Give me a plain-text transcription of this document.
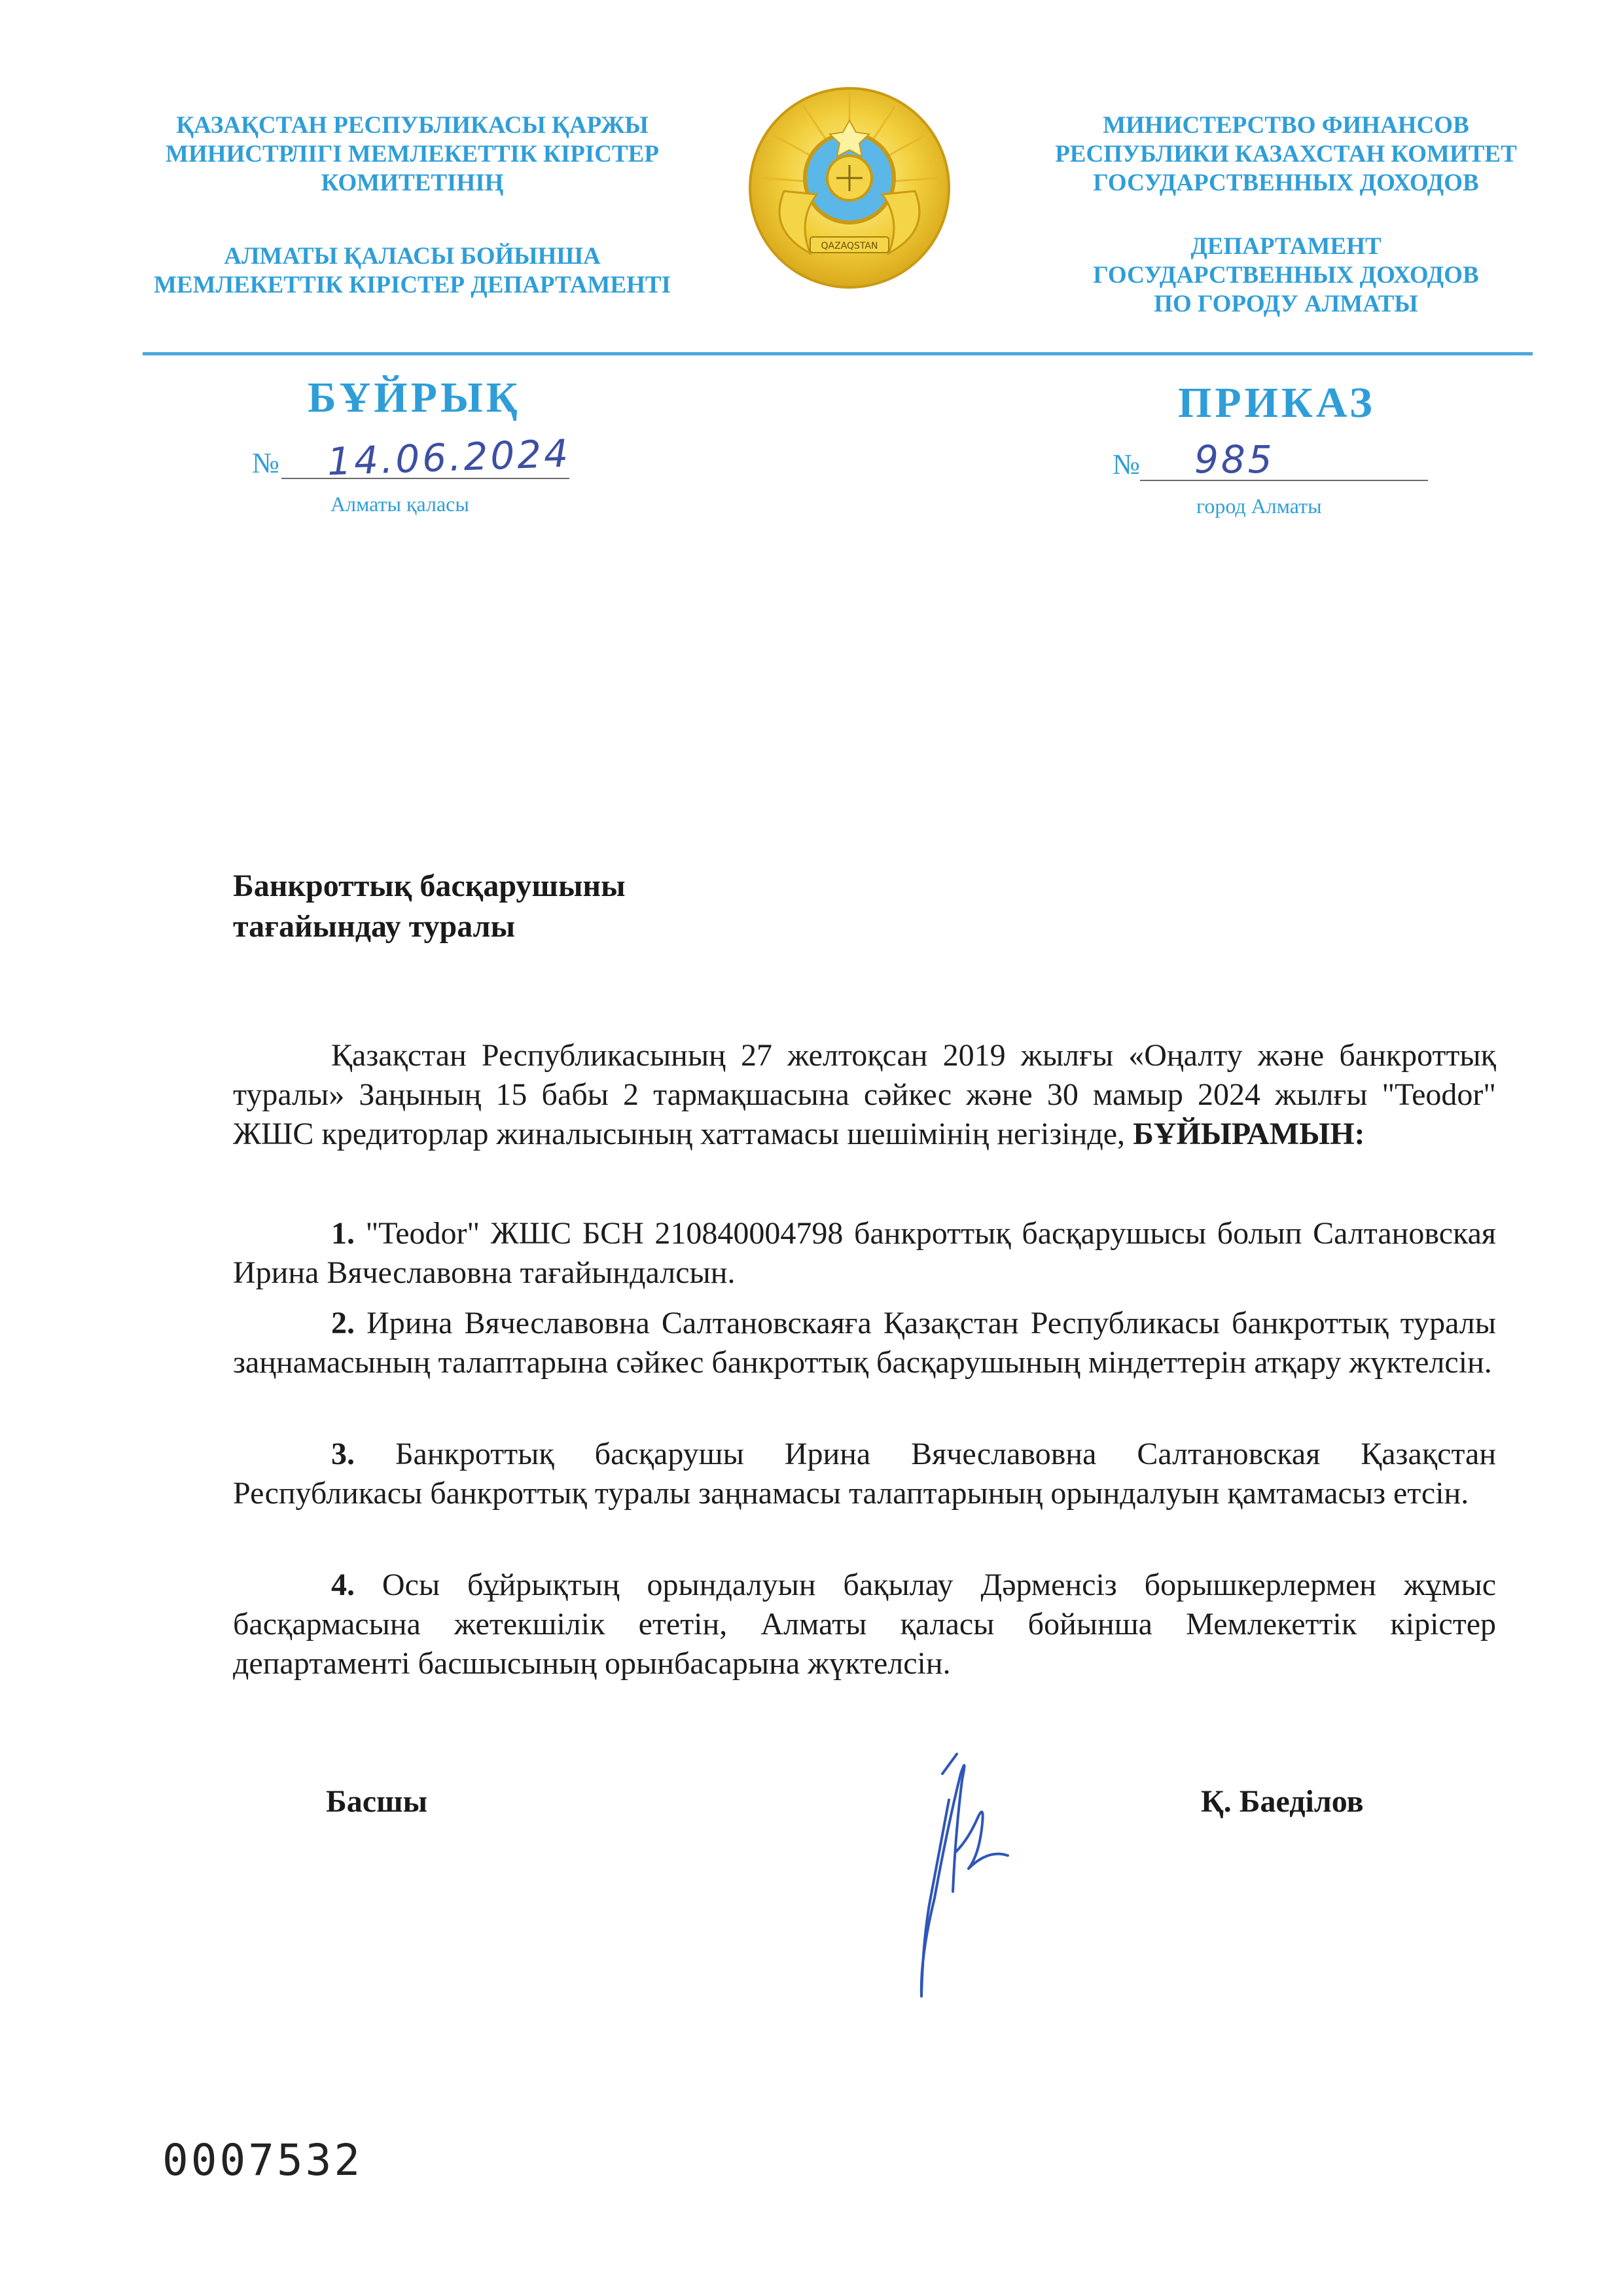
ҚАЗАҚСТАН РЕСПУБЛИКАСЫ ҚАРЖЫ
МИНИСТРЛІГІ МЕМЛЕКЕТТІК КІРІСТЕР
КОМИТЕТІНІҢ
АЛМАТЫ ҚАЛАСЫ БОЙЫНША
МЕМЛЕКЕТТІК КІРІСТЕР ДЕПАРТАМЕНТІ
QAZAQSTAN
МИНИСТЕРСТВО ФИНАНСОВ
РЕСПУБЛИКИ КАЗАХСТАН КОМИТЕТ
ГОСУДАРСТВЕННЫХ ДОХОДОВ
ДЕПАРТАМЕНТ
ГОСУДАРСТВЕННЫХ ДОХОДОВ
ПО ГОРОДУ АЛМАТЫ
БҰЙРЫҚ	ПРИКАЗ
№ 14.06.2024	№ 985
Алматы қаласы	город Алматы
Банкроттық басқарушыны
тағайындау туралы
Қазақстан Республикасының 27 желтоқсан 2019 жылғы «Оңалту және банкроттық туралы» Заңының 15 бабы 2 тармақшасына сәйкес және 30 мамыр 2024 жылғы "Teodor" ЖШС кредиторлар жиналысының хаттамасы шешімінің негізінде, БҰЙЫРАМЫН:
1. "Teodor" ЖШС БСН 210840004798 банкроттық басқарушысы болып Салтановская Ирина Вячеславовна тағайындалсын.
2. Ирина Вячеславовна Салтановскаяға Қазақстан Республикасы банкроттық туралы заңнамасының талаптарына сәйкес банкроттық басқарушының міндеттерін атқару жүктелсін.
3. Банкроттық басқарушы Ирина Вячеславовна Салтановская Қазақстан Республикасы банкроттық туралы заңнамасы талаптарының орындалуын қамтамасыз етсін.
4. Осы бұйрықтың орындалуын бақылау Дәрменсіз борышкерлермен жұмыс басқармасына жетекшілік ететін, Алматы қаласы бойынша Мемлекеттік кірістер департаменті басшысының орынбасарына жүктелсін.
Басшы	Қ. Баеділов
0007532
